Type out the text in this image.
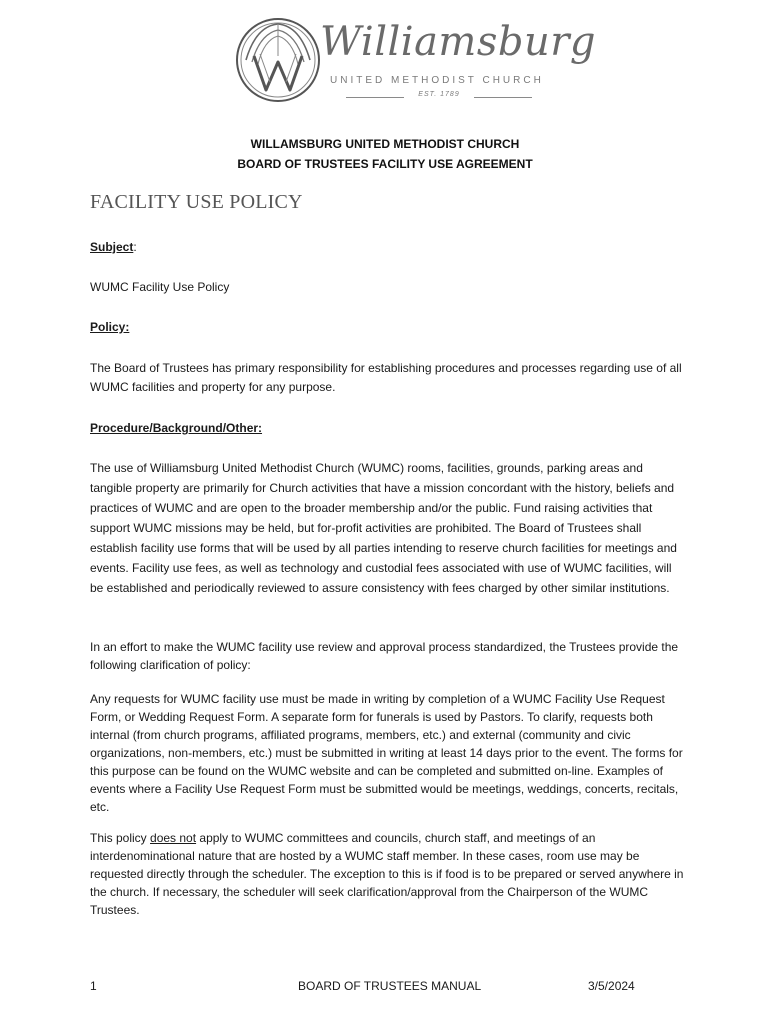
Williamsburg
UNITED METHODIST CHURCH
EST. 1789
WILLAMSBURG UNITED METHODIST CHURCH
BOARD OF TRUSTEES FACILITY USE AGREEMENT
FACILITY USE POLICY
Subject:
WUMC Facility Use Policy
Policy:
The Board of Trustees has primary responsibility for establishing procedures and processes regarding use of all WUMC facilities and property for any purpose.
Procedure/Background/Other:
The use of Williamsburg United Methodist Church (WUMC) rooms, facilities, grounds, parking areas and tangible property are primarily for Church activities that have a mission concordant with the history, beliefs and practices of WUMC and are open to the broader membership and/or the public. Fund raising activities that support WUMC missions may be held, but for-profit activities are prohibited. The Board of Trustees shall establish facility use forms that will be used by all parties intending to reserve church facilities for meetings and events. Facility use fees, as well as technology and custodial fees associated with use of WUMC facilities, will be established and periodically reviewed to assure consistency with fees charged by other similar institutions.
In an effort to make the WUMC facility use review and approval process standardized, the Trustees provide the following clarification of policy:
Any requests for WUMC facility use must be made in writing by completion of a WUMC Facility Use Request Form, or Wedding Request Form. A separate form for funerals is used by Pastors. To clarify, requests both internal (from church programs, affiliated programs, members, etc.) and external (community and civic organizations, non-members, etc.) must be submitted in writing at least 14 days prior to the event. The forms for this purpose can be found on the WUMC website and can be completed and submitted on-line. Examples of events where a Facility Use Request Form must be submitted would be meetings, weddings, concerts, recitals, etc.
This policy does not apply to WUMC committees and councils, church staff, and meetings of an interdenominational nature that are hosted by a WUMC staff member. In these cases, room use may be requested directly through the scheduler. The exception to this is if food is to be prepared or served anywhere in the church. If necessary, the scheduler will seek clarification/approval from the Chairperson of the WUMC Trustees.
1	BOARD OF TRUSTEES MANUAL	3/5/2024
